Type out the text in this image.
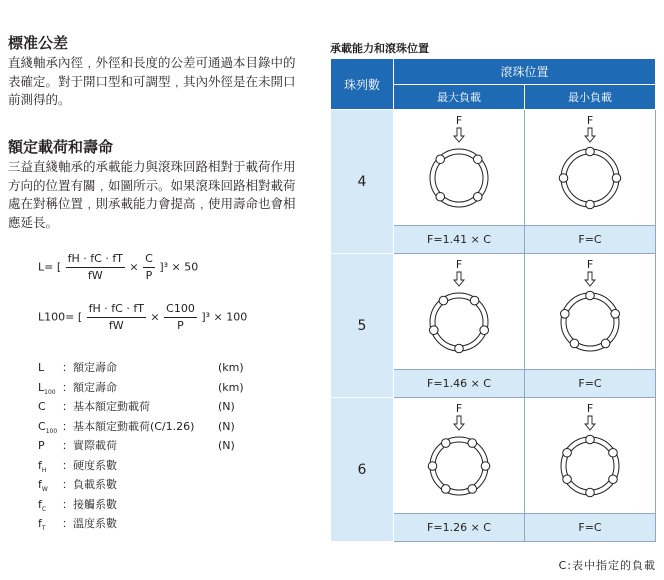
標准公差

直綫軸承內徑﹐外徑和長度的公差可通過本目錄中的表確定。對于開口型和可調型﹐其內外徑是在未開口前測得的。

額定載荷和壽命

三益直綫軸承的承載能力與滾珠回路相對于載荷作用方向的位置有關﹐如圖所示。如果滾珠回路相對載荷處在對稱位置﹐則承載能力會提高﹐使用壽命也會相應延長。

L= [ $\frac{fH \cdot fC \cdot fT}{fW} \times \frac{C}{P} ]^3 \times 50$
L100= [ $\frac{fH \cdot fC \cdot fT}{fW} \times \frac{C100}{P} ]^3 \times 100$
L ：額定壽命	(km)
$L_{100}$ ：額定壽命	(km)
C ：基本額定動載荷	(N)
$C_{100}$ ：基本額定動載荷(C/1.26) (N)
P ：實際載荷	(N)
$f_H$ ：硬度系數
$f_W$ ：負載系數
$f_C$ ：接觸系數
$f_T$ ：溫度系數
承載能力和滾珠位置
珠列數	滾珠位置	
	最大負載	最小負載
4	F	F

	F=1.41 × C	F=C
5	F	F

	F=1.46 × C	F=C
6	F	F

	F=1.26 × C	F=C
C:表中指定的負載
